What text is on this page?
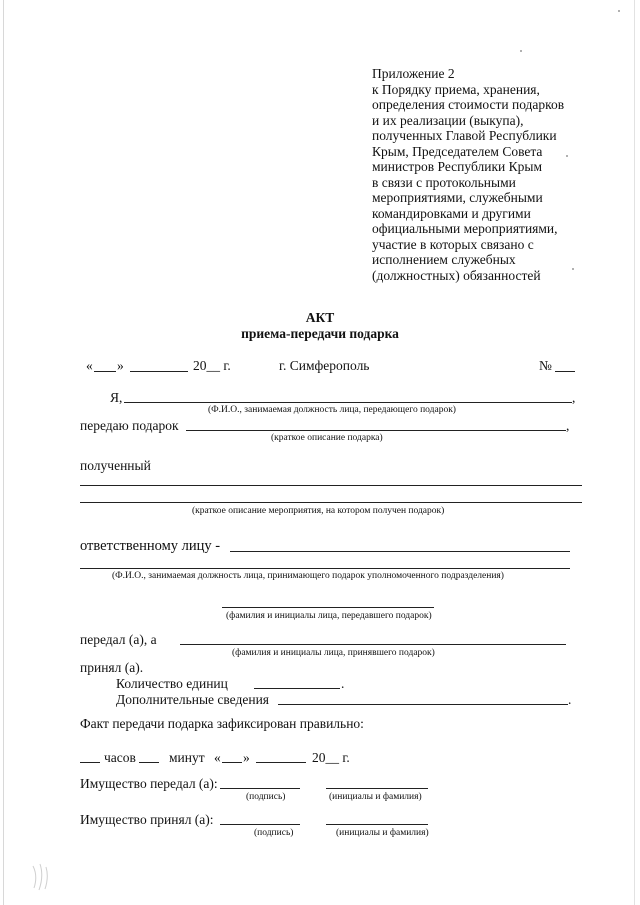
Приложение 2
к Порядку приема, хранения,
определения стоимости подарков
и их реализации (выкупа),
полученных Главой Республики
Крым, Председателем Совета
министров Республики Крым
в связи с протокольными
мероприятиями, служебными
командировками и другими
официальными мероприятиями,
участие в которых связано с
исполнением служебных
(должностных) обязанностей
АКТ
приема-передачи подарка
« »	20__ г.	г. Симферополь	№
Я,	,
(Ф.И.О., занимаемая должность лица, передающего подарок)
передаю подарок	,
(краткое описание подарка)
полученный
(краткое описание мероприятия, на котором получен подарок)
ответственному лицу -
(Ф.И.О., занимаемая должность лица, принимающего подарок уполномоченного подразделения)
(фамилия и инициалы лица, передавшего подарок)
передал (а), а
(фамилия и инициалы лица, принявшего подарок)
принял (а).
Количество единиц	.
Дополнительные сведения	.
Факт передачи подарка зафиксирован правильно:
часов минут « »	20__ г.
Имущество передал (а):
(подпись)	(инициалы и фамилия)
Имущество принял (а):
(подпись)	(инициалы и фамилия)
